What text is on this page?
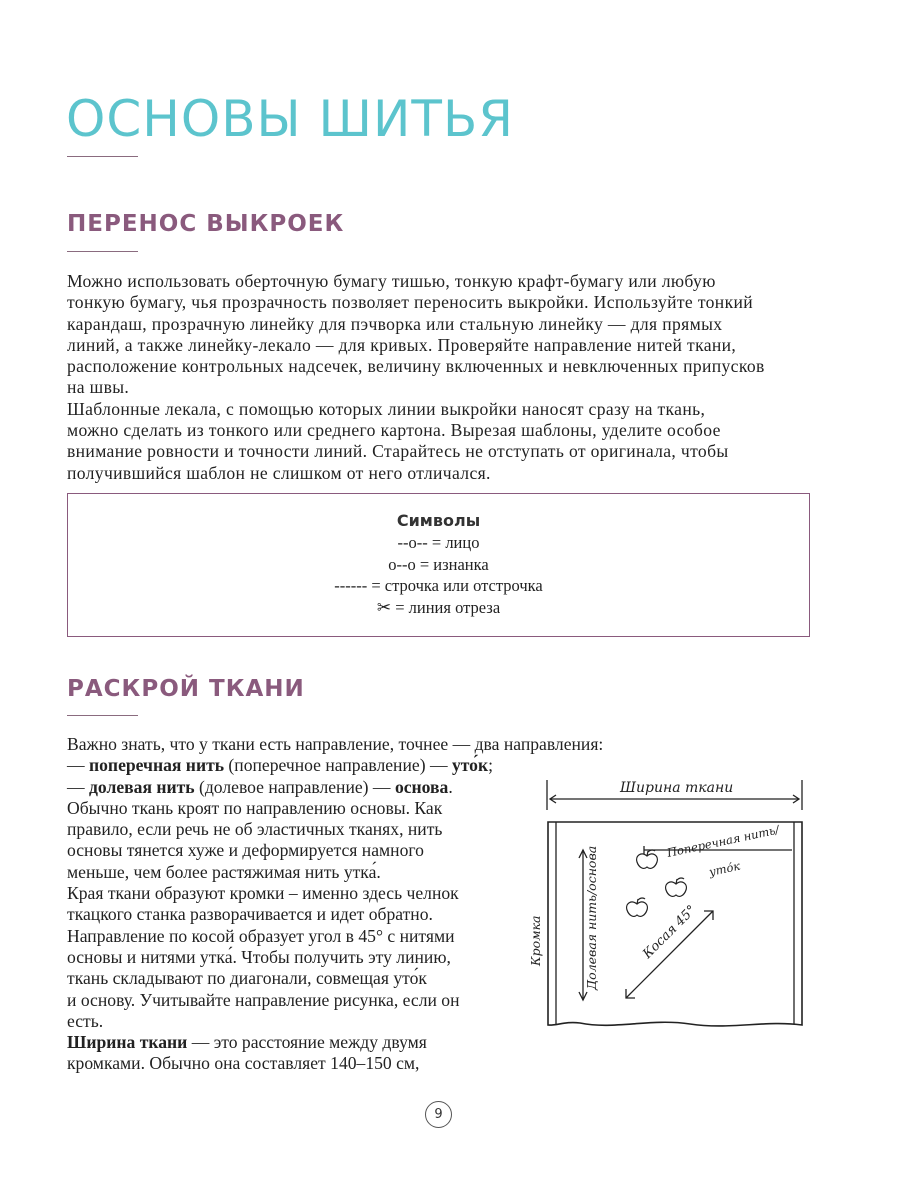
ОСНОВЫ ШИТЬЯ
ПЕРЕНОС ВЫКРОЕК

Можно использовать оберточную бумагу тишью, тонкую крафт-бумагу или любую

тонкую бумагу, чья прозрачность позволяет переносить выкройки. Используйте тонкий

карандаш, прозрачную линейку для пэчворка или стальную линейку — для прямых

линий, а также линейку-лекало — для кривых. Проверяйте направление нитей ткани,

расположение контрольных надсечек, величину включенных и невключенных припусков

на швы.

Шаблонные лекала, с помощью которых линии выкройки наносят сразу на ткань,

можно сделать из тонкого или среднего картона. Вырезая шаблоны, уделите особое

внимание ровности и точности линий. Старайтесь не отступать от оригинала, чтобы

получившийся шаблон не слишком от него отличался.

Символы
--o-- = лицо
o--o = изнанка
------ = строчка или отстрочка
✂ = линия отреза
РАСКРОЙ ТКАНИ

Важно знать, что у ткани есть направление, точнее — два направления:

— поперечная нить (поперечное направление) — уто́к;

— долевая нить (долевое направление) — основа.

Обычно ткань кроят по направлению основы. Как

правило, если речь не об эластичных тканях, нить

основы тянется хуже и деформируется намного

меньше, чем более растяжимая нить утка́.

Края ткани образуют кромки – именно здесь челнок

ткацкого станка разворачивается и идет обратно.

Направление по косой образует угол в 45° с нитями

основы и нитями утка́. Чтобы получить эту линию,

ткань складывают по диагонали, совмещая уто́к

и основу. Учитывайте направление рисунка, если он

есть.

Ширина ткани — это расстояние между двумя

кромками. Обычно она составляет 140–150 см,

Ширина ткани
Поперечная нить/
уто́к
Косая 45°
Долевая нить/основа
Кромка
9
